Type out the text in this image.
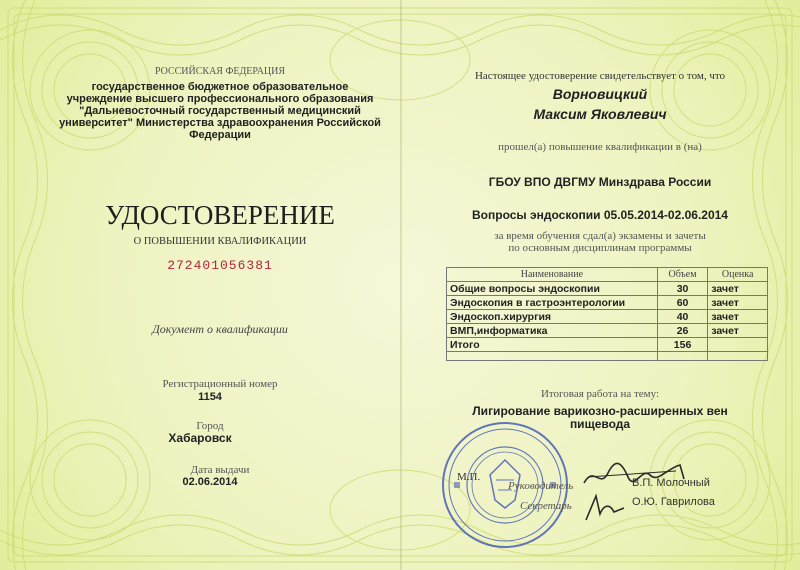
РОССИЙСКАЯ ФЕДЕРАЦИЯ
государственное бюджетное образовательное
учреждение высшего профессионального образования
"Дальневосточный государственный медицинский
университет" Министерства здравоохранения Российской
Федерации
УДОСТОВЕРЕНИЕ
О ПОВЫШЕНИИ КВАЛИФИКАЦИИ
272401056381
Документ о квалификации
Регистрационный номер
1154
Город
Хабаровск
Дата выдачи
02.06.2014
Настоящее удостоверение свидетельствует о том, что
Ворновицкий
Максим Яковлевич
прошел(а) повышение квалификации в (на)
ГБОУ ВПО ДВГМУ Минздрава России
Вопросы эндоскопии 05.05.2014-02.06.2014
за время обучения сдал(а) экзамены и зачеты
по основным дисциплинам программы
Наименование	Объем	Оценка
Общие вопросы эндоскопии	30	зачет
Эндоскопия в гастроэнтерологии	60	зачет
Эндоскоп.хирургия	40	зачет
ВМП,информатика	26	зачет
Итого	156	

Итоговая работа на тему:
Лигирование варикозно-расширенных вен
пищевода
М.П.
Руководитель	В.П. Молочный
Секретарь	О.Ю. Гаврилова
